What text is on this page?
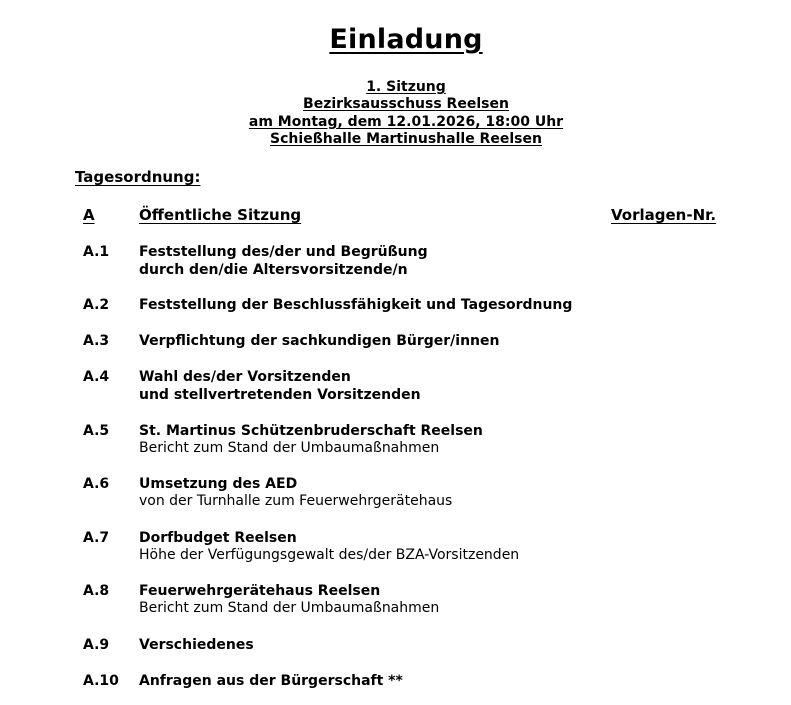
Einladung
1. Sitzung
Bezirksausschuss Reelsen
am Montag, dem 12.01.2026, 18:00 Uhr
Schießhalle Martinushalle Reelsen
Tagesordnung:
A	Öffentliche Sitzung	Vorlagen-Nr.
A.1 Feststellung des/der und Begrüßung
durch den/die Altersvorsitzende/n
A.2 Feststellung der Beschlussfähigkeit und Tagesordnung
A.3 Verpflichtung der sachkundigen Bürger/innen
A.4 Wahl des/der Vorsitzenden
und stellvertretenden Vorsitzenden
A.5 St. Martinus Schützenbruderschaft Reelsen
Bericht zum Stand der Umbaumaßnahmen
A.6 Umsetzung des AED
von der Turnhalle zum Feuerwehrgerätehaus
A.7 Dorfbudget Reelsen
Höhe der Verfügungsgewalt des/der BZA-Vorsitzenden
A.8 Feuerwehrgerätehaus Reelsen
Bericht zum Stand der Umbaumaßnahmen
A.9 Verschiedenes
A.10 Anfragen aus der Bürgerschaft **
